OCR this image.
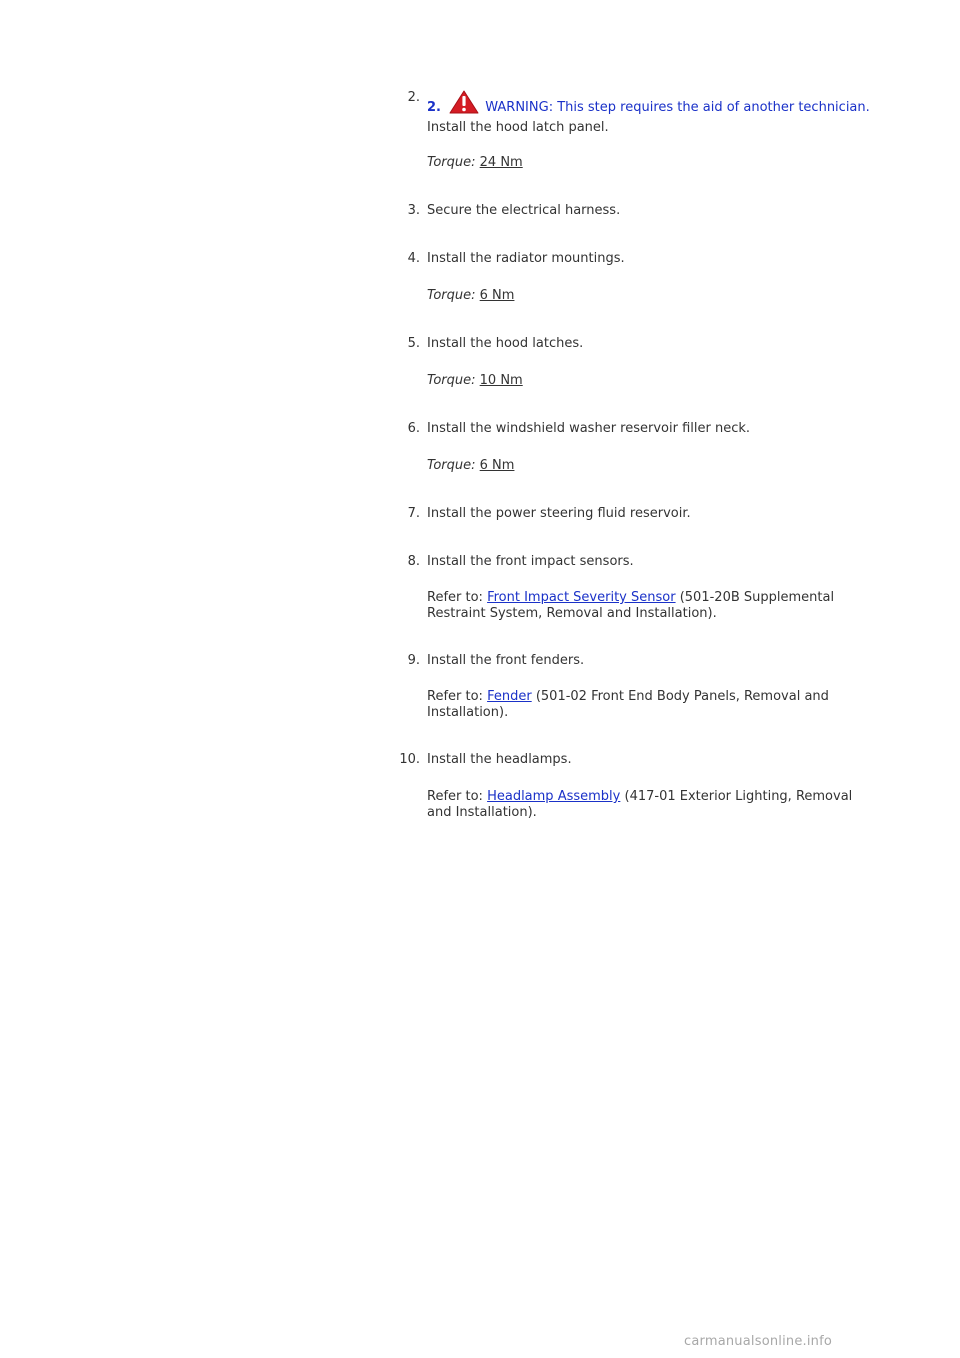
2.
2.	WARNING: This step requires the aid of another technician.
Install the hood latch panel.
Torque: 24 Nm
3. Secure the electrical harness.
4. Install the radiator mountings.
Torque: 6 Nm
5. Install the hood latches.
Torque: 10 Nm
6. Install the windshield washer reservoir filler neck.
Torque: 6 Nm
7. Install the power steering fluid reservoir.
8. Install the front impact sensors.
Refer to: Front Impact Severity Sensor (501-20B Supplemental
Restraint System, Removal and Installation).
9. Install the front fenders.
Refer to: Fender (501-02 Front End Body Panels, Removal and
Installation).
10. Install the headlamps.
Refer to: Headlamp Assembly (417-01 Exterior Lighting, Removal
and Installation).
carmanualsonline.info
